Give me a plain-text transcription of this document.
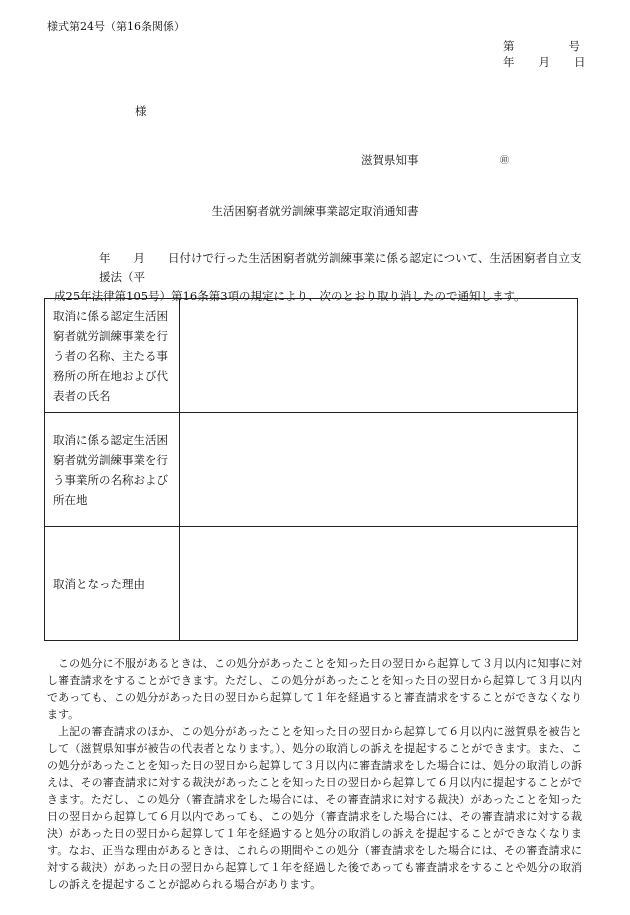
様式第24号（第16条関係）
第	号
年 月 日
様
滋賀県知事	㊞
生活困窮者就労訓練事業認定取消通知書

年　　月　　日付けで行った生活困窮者就労訓練事業に係る認定について、生活困窮者自立支援法（平

成25年法律第105号）第16条第3項の規定により、次のとおり取り消したので通知します。

取消に係る認定生活困窮者就労訓練事業を行う者の名称、主たる事務所の所在地および代表者の氏名	
取消に係る認定生活困窮者就労訓練事業を行う事業所の名称および所在地	
取消となった理由	

この処分に不服があるときは、この処分があったことを知った日の翌日から起算して３月以内に知事に対し審査請求をすることができます。ただし、この処分があったことを知った日の翌日から起算して３月以内であっても、この処分があった日の翌日から起算して１年を経過すると審査請求をすることができなくなります。

上記の審査請求のほか、この処分があったことを知った日の翌日から起算して６月以内に滋賀県を被告として（滋賀県知事が被告の代表者となります。）、処分の取消しの訴えを提起することができます。また、この処分があったことを知った日の翌日から起算して３月以内に審査請求をした場合には、処分の取消しの訴えは、その審査請求に対する裁決があったことを知った日の翌日から起算して６月以内に提起することができます。ただし、この処分（審査請求をした場合には、その審査請求に対する裁決）があったことを知った日の翌日から起算して６月以内であっても、この処分（審査請求をした場合には、その審査請求に対する裁決）があった日の翌日から起算して１年を経過すると処分の取消しの訴えを提起することができなくなります。なお、正当な理由があるときは、これらの期間やこの処分（審査請求をした場合には、その審査請求に対する裁決）があった日の翌日から起算して１年を経過した後であっても審査請求をすることや処分の取消しの訴えを提起することが認められる場合があります。
